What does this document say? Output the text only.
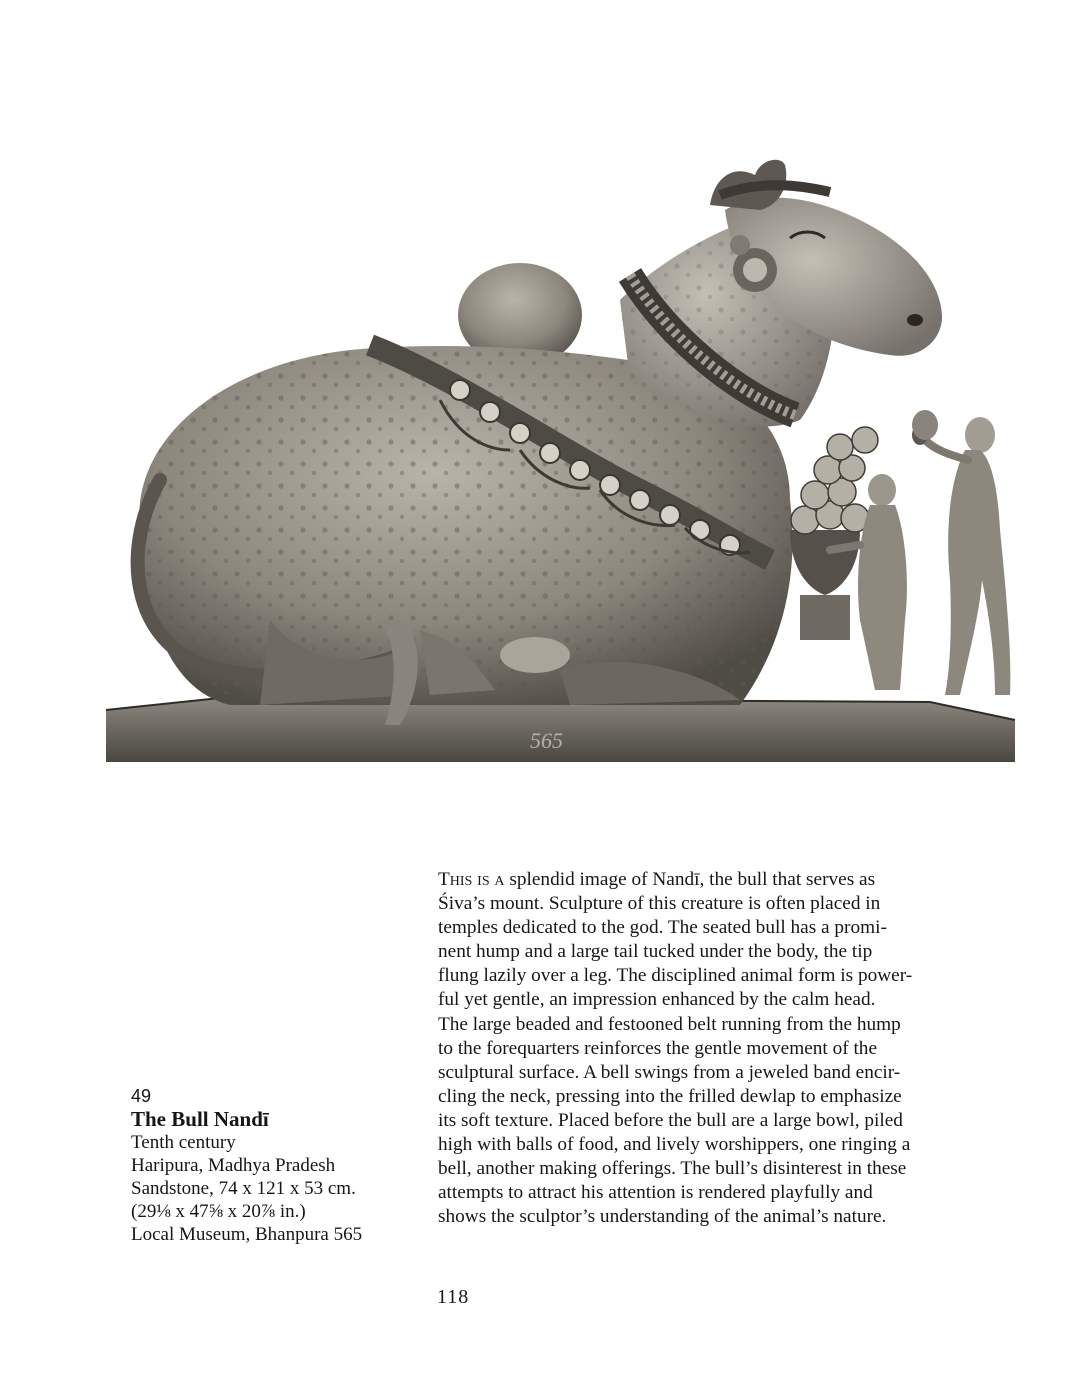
565
49
The Bull Nandī
Tenth century
Haripura, Madhya Pradesh
Sandstone, 74 x 121 x 53 cm.
(29⅛ x 47⅝ x 20⅞ in.)
Local Museum, Bhanpura 565
This is a splendid image of Nandī, the bull that serves as
Śiva’s mount. Sculpture of this creature is often placed in
temples dedicated to the god. The seated bull has a promi-
nent hump and a large tail tucked under the body, the tip
flung lazily over a leg. The disciplined animal form is power-
ful yet gentle, an impression enhanced by the calm head.
The large beaded and festooned belt running from the hump
to the forequarters reinforces the gentle movement of the
sculptural surface. A bell swings from a jeweled band encir-
cling the neck, pressing into the frilled dewlap to emphasize
its soft texture. Placed before the bull are a large bowl, piled
high with balls of food, and lively worshippers, one ringing a
bell, another making offerings. The bull’s disinterest in these
attempts to attract his attention is rendered playfully and
shows the sculptor’s understanding of the animal’s nature.
118
